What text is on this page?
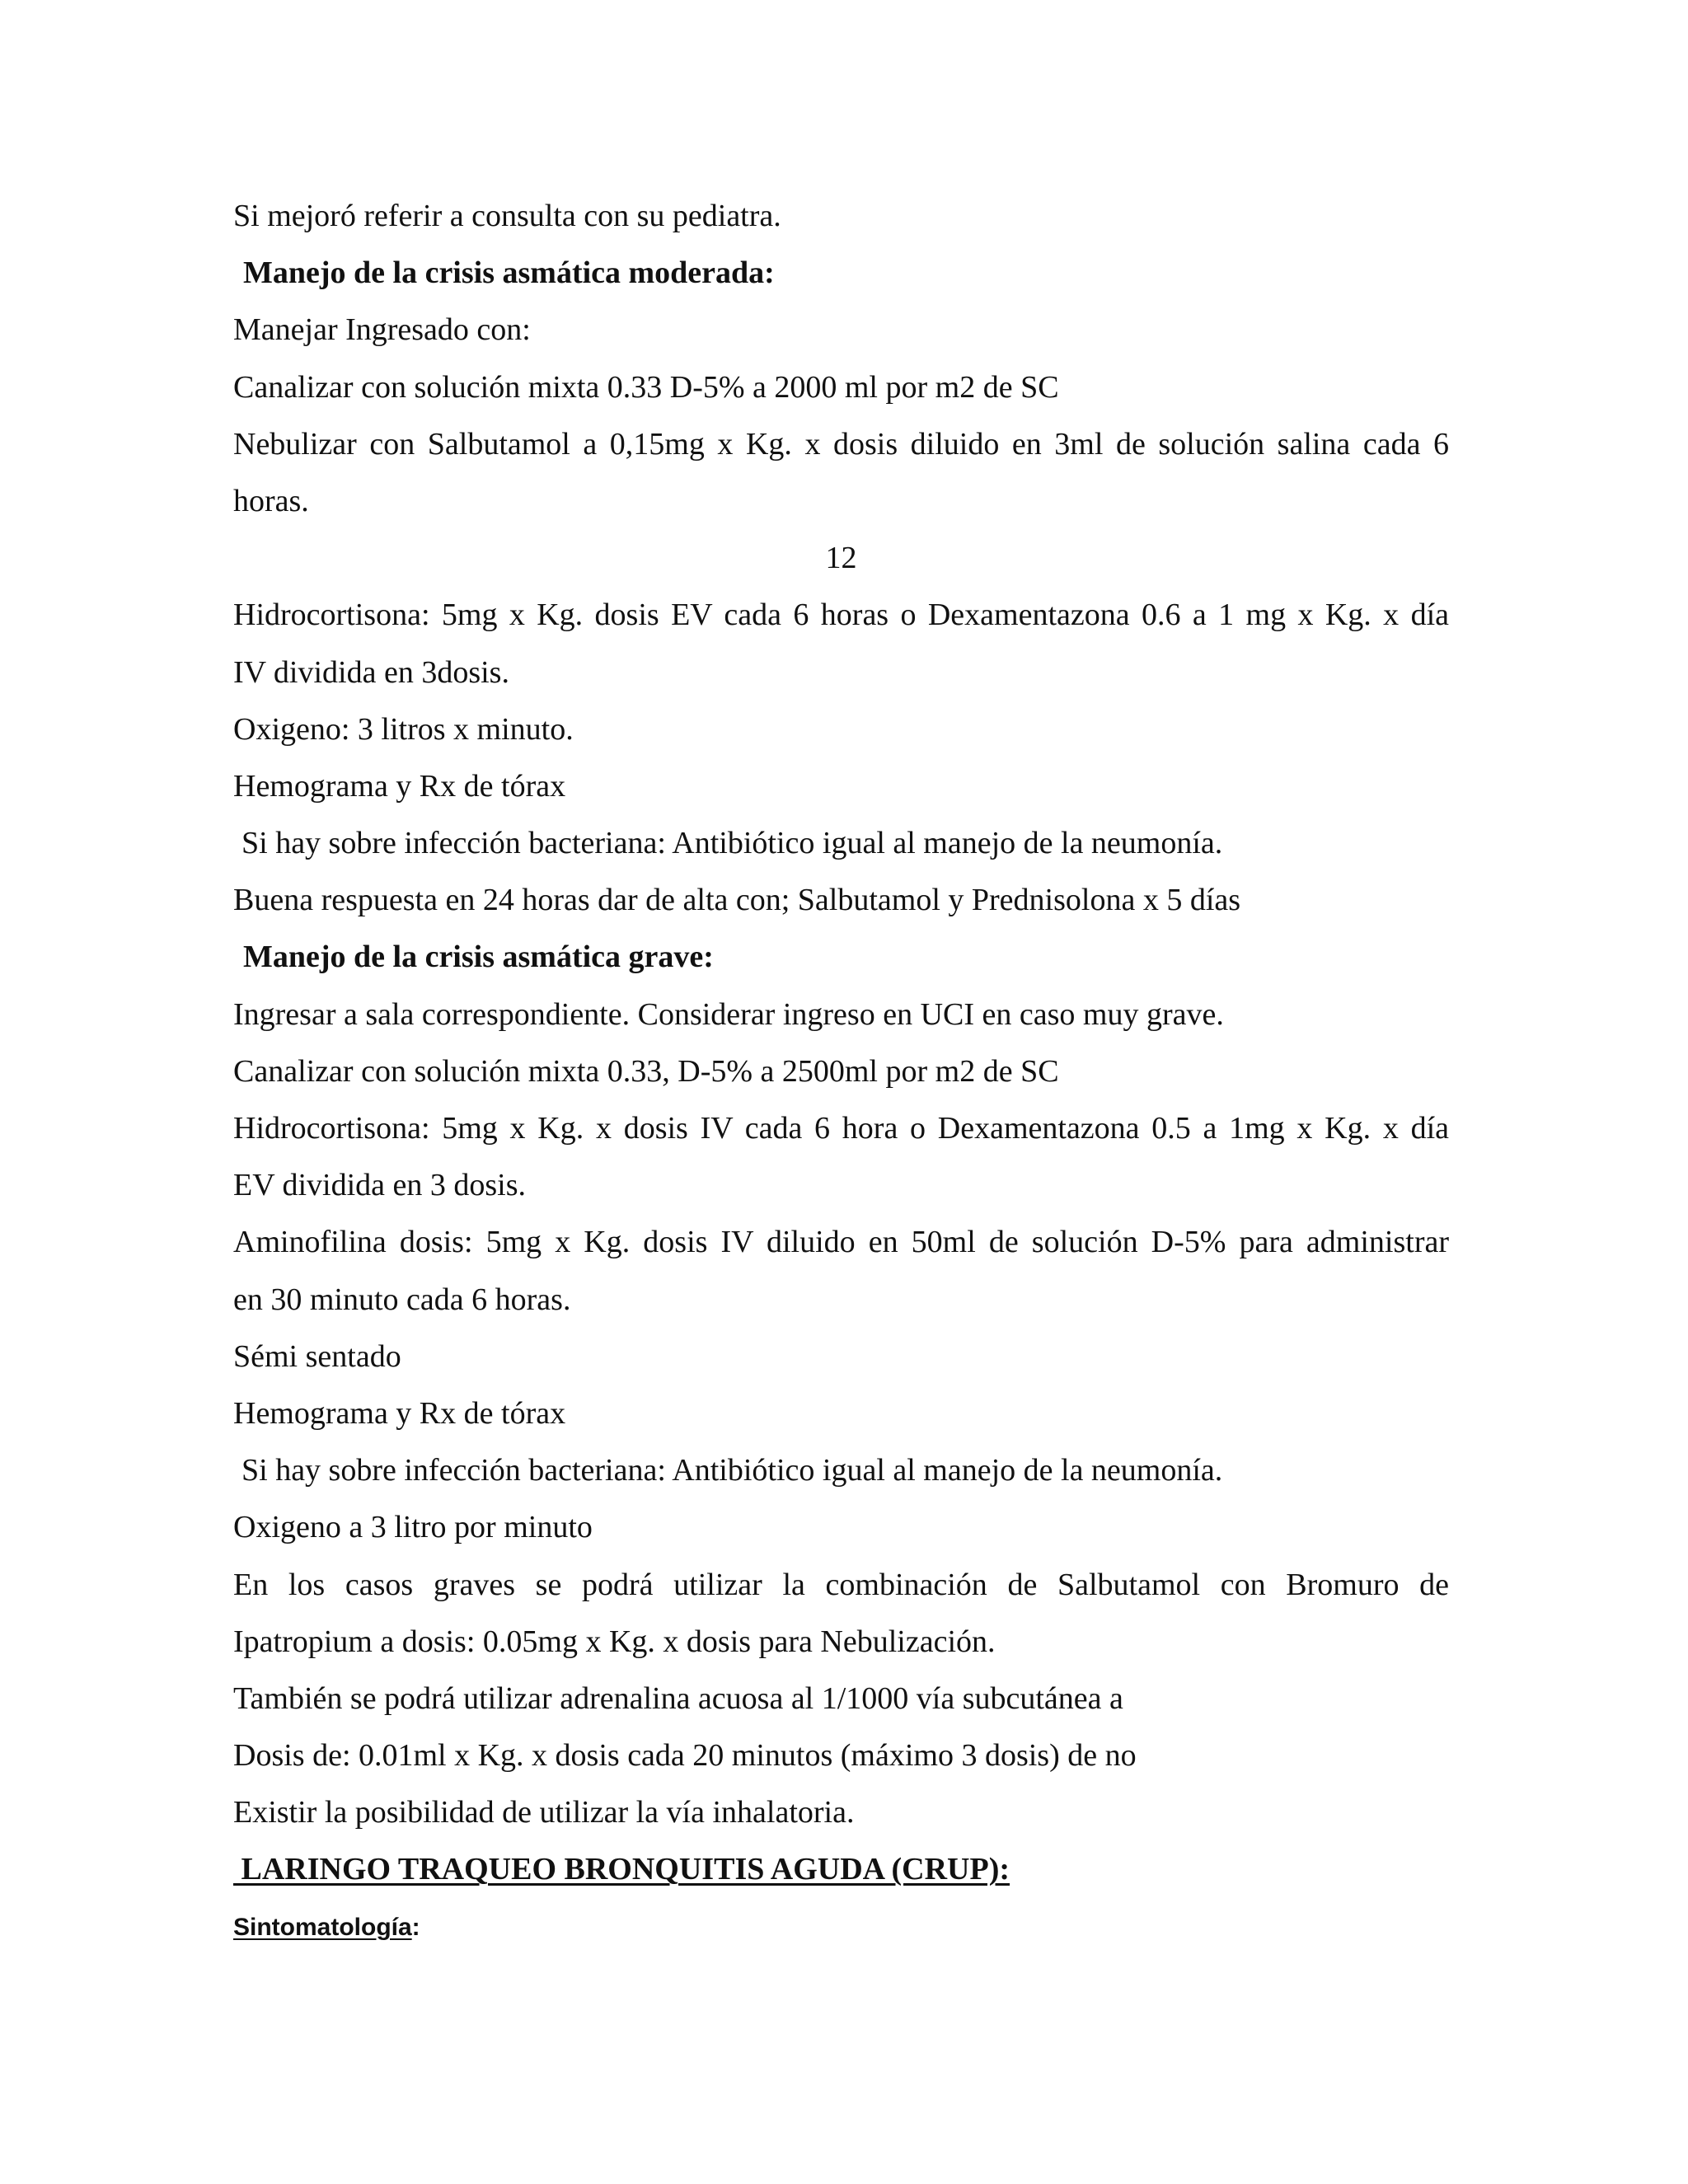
Si mejoró referir a consulta con su pediatra.

Manejo de la crisis asmática moderada:

Manejar Ingresado con:

Canalizar con solución mixta 0.33 D-5% a 2000 ml por m2 de SC

Nebulizar con Salbutamol a 0,15mg x Kg. x dosis diluido en 3ml de solución salina cada 6

horas.

12

Hidrocortisona: 5mg x Kg. dosis EV cada 6 horas o Dexamentazona 0.6 a 1 mg x Kg. x día

IV dividida en 3dosis.

Oxigeno: 3 litros x minuto.

Hemograma y Rx de tórax

Si hay sobre infección bacteriana: Antibiótico igual al manejo de la neumonía.

Buena respuesta en 24 horas dar de alta con; Salbutamol y Prednisolona x 5 días

Manejo de la crisis asmática grave:

Ingresar a sala correspondiente. Considerar ingreso en UCI en caso muy grave.

Canalizar con solución mixta 0.33, D-5% a 2500ml por m2 de SC

Hidrocortisona: 5mg x Kg. x dosis IV cada 6 hora o Dexamentazona 0.5 a 1mg x Kg. x día

EV dividida en 3 dosis.

Aminofilina dosis: 5mg x Kg. dosis IV diluido en 50ml de solución D-5% para administrar

en 30 minuto cada 6 horas.

Sémi sentado

Hemograma y Rx de tórax

Si hay sobre infección bacteriana: Antibiótico igual al manejo de la neumonía.

Oxigeno a 3 litro por minuto

En los casos graves se podrá utilizar la combinación de Salbutamol con Bromuro de

Ipatropium a dosis: 0.05mg x Kg. x dosis para Nebulización.

También se podrá utilizar adrenalina acuosa al 1/1000 vía subcutánea a

Dosis de: 0.01ml x Kg. x dosis cada 20 minutos (máximo 3 dosis) de no

Existir la posibilidad de utilizar la vía inhalatoria.

LARINGO TRAQUEO BRONQUITIS AGUDA (CRUP):

Sintomatología:
